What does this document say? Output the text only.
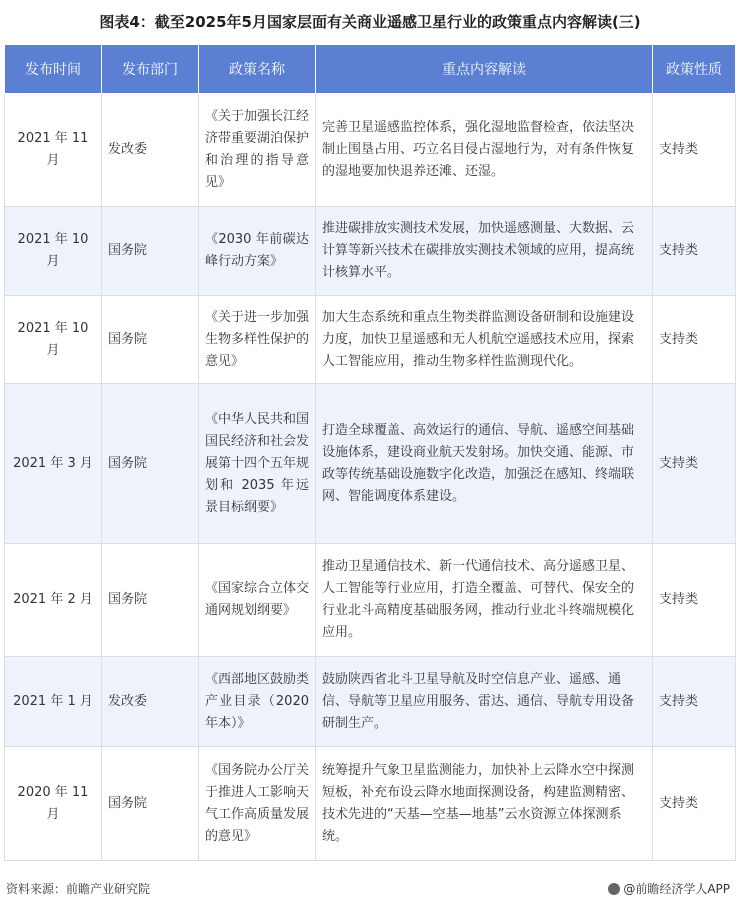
图表4：截至2025年5月国家层面有关商业遥感卫星行业的政策重点内容解读(三)
发布时间	发布部门	政策名称	重点内容解读	政策性质
2021 年 11 月	发改委	《关于加强长江经济带重要湖泊保护和治理的指导意见》	完善卫星遥感监控体系，强化湿地监督检查，依法坚决制止围垦占用、巧立名目侵占湿地行为，对有条件恢复的湿地要加快退养还滩、还湿。	支持类
2021 年 10 月	国务院	《2030 年前碳达峰行动方案》	推进碳排放实测技术发展，加快遥感测量、大数据、云计算等新兴技术在碳排放实测技术领域的应用，提高统计核算水平。	支持类
2021 年 10 月	国务院	《关于进一步加强生物多样性保护的意见》	加大生态系统和重点生物类群监测设备研制和设施建设力度，加快卫星遥感和无人机航空遥感技术应用，探索人工智能应用，推动生物多样性监测现代化。	支持类
2021 年 3 月	国务院	《中华人民共和国国民经济和社会发展第十四个五年规划和 2035 年远景目标纲要》	打造全球覆盖、高效运行的通信、导航、遥感空间基础设施体系，建设商业航天发射场。加快交通、能源、市政等传统基础设施数字化改造，加强泛在感知、终端联网、智能调度体系建设。	支持类
2021 年 2 月	国务院	《国家综合立体交通网规划纲要》	推动卫星通信技术、新一代通信技术、高分遥感卫星、人工智能等行业应用，打造全覆盖、可替代、保安全的行业北斗高精度基础服务网，推动行业北斗终端规模化应用。	支持类
2021 年 1 月	发改委	《西部地区鼓励类产业目录（2020 年本）》	鼓励陕西省北斗卫星导航及时空信息产业、遥感、通信、导航等卫星应用服务、雷达、通信、导航专用设备研制生产。	支持类
2020 年 11 月	国务院	《国务院办公厅关于推进人工影响天气工作高质量发展的意见》	统筹提升气象卫星监测能力，加快补上云降水空中探测短板，补充布设云降水地面探测设备，构建监测精密、技术先进的“天基—空基—地基”云水资源立体探测系统。	支持类
资料来源：前瞻产业研究院	@前瞻经济学人APP
